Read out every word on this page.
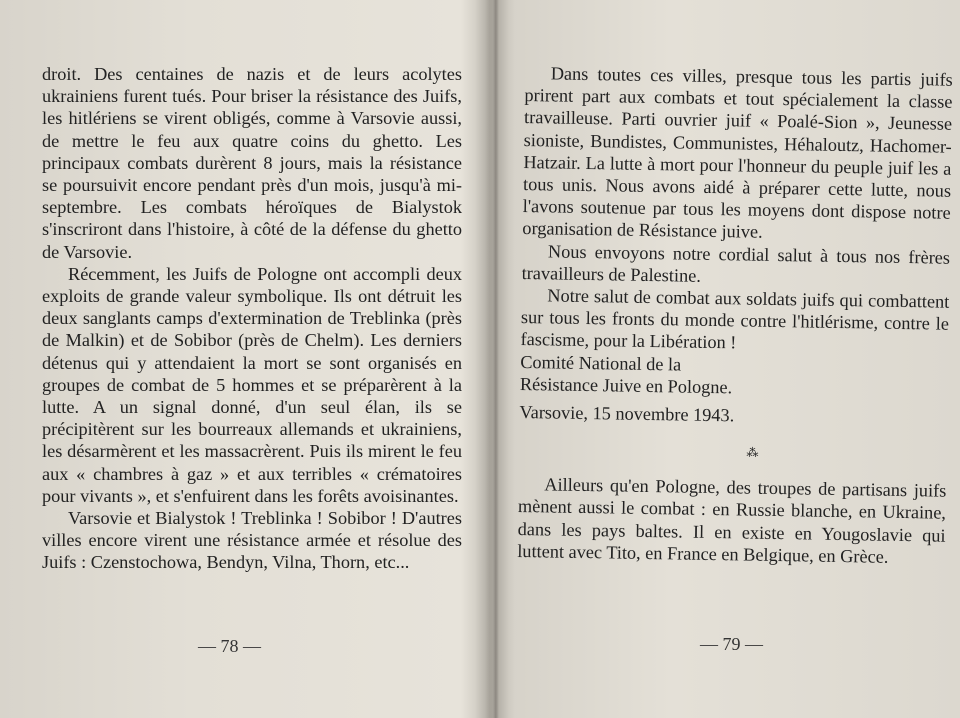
droit. Des centaines de nazis et de leurs acolytes ukrainiens furent tués. Pour briser la résistance des Juifs, les hitlériens se virent obligés, comme à Varsovie aussi, de mettre le feu aux quatre coins du ghetto. Les principaux combats durèrent 8 jours, mais la résistance se poursuivit encore pendant près d'un mois, jusqu'à mi-septembre. Les combats héroïques de Bialystok s'inscriront dans l'histoire, à côté de la défense du ghetto de Varsovie.

Récemment, les Juifs de Pologne ont accompli deux exploits de grande valeur symbolique. Ils ont détruit les deux sanglants camps d'extermination de Treblinka (près de Malkin) et de Sobibor (près de Chelm). Les derniers détenus qui y attendaient la mort se sont organisés en groupes de combat de 5 hommes et se préparèrent à la lutte. A un signal donné, d'un seul élan, ils se précipitèrent sur les bourreaux allemands et ukrainiens, les désarmèrent et les massacrèrent. Puis ils mirent le feu aux « chambres à gaz » et aux terribles « crématoires pour vivants », et s'enfuirent dans les forêts avoisinantes.

Varsovie et Bialystok ! Treblinka ! Sobibor ! D'autres villes encore virent une résistance armée et résolue des Juifs : Czenstochowa, Bendyn, Vilna, Thorn, etc...

— 78 —

Dans toutes ces villes, presque tous les partis juifs prirent part aux combats et tout spécialement la classe travailleuse. Parti ouvrier juif « Poalé-Sion », Jeunesse sioniste, Bundistes, Communistes, Héhaloutz, Hachomer-Hatzair. La lutte à mort pour l'honneur du peuple juif les a tous unis. Nous avons aidé à préparer cette lutte, nous l'avons soutenue par tous les moyens dont dispose notre organisation de Résistance juive.

Nous envoyons notre cordial salut à tous nos frères travailleurs de Palestine.

Notre salut de combat aux soldats juifs qui combattent sur tous les fronts du monde contre l'hitlérisme, contre le fascisme, pour la Libération !

Comité National de la

Résistance Juive en Pologne.

Varsovie, 15 novembre 1943.

⁂

Ailleurs qu'en Pologne, des troupes de partisans juifs mènent aussi le combat : en Russie blanche, en Ukraine, dans les pays baltes. Il en existe en Yougoslavie qui luttent avec Tito, en France en Belgique, en Grèce.

— 79 —
